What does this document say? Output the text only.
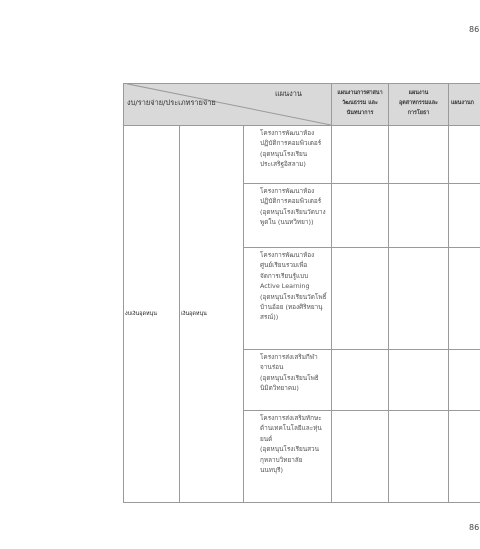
86
งบ/รายจ่าย/ประเภทรายจ่าย
แผนงาน	แผนงานการศาสนา
วัฒนธรรม และ
นันทนาการ
แผนงาน
อุตสาหกรรมและ
การโยธา
แผนงานก
งบเงินอุดหนุน	เงินอุดหนุน
โครงการพัฒนาห้อง
ปฏิบัติการคอมพิวเตอร์
(อุดหนุนโรงเรียน
ประเสริฐอิสลาม)
โครงการพัฒนาห้อง
ปฏิบัติการคอมพิวเตอร์
(อุดหนุนโรงเรียนวัดบาง
พูดใน (นนทวิทยา))
โครงการพัฒนาห้อง
ศูนย์เรียนรวมเพื่อ
จัดการเรียนรู้แบบ
Active Learning
(อุดหนุนโรงเรียนวัดโพธิ์
บ้านอ้อย (ทองศิริหยานุ
สรณ์))
โครงการส่งเสริมกีฬา
จานร่อน
(อุดหนุนโรงเรียนโพธิ
นิมิตวิทยาคม)
โครงการส่งเสริมทักษะ
ด้านเทคโนโลยีและหุ่น
ยนต์
(อุดหนุนโรงเรียนสวน
กุหลาบวิทยาลัย
นนทบุรี)
86
